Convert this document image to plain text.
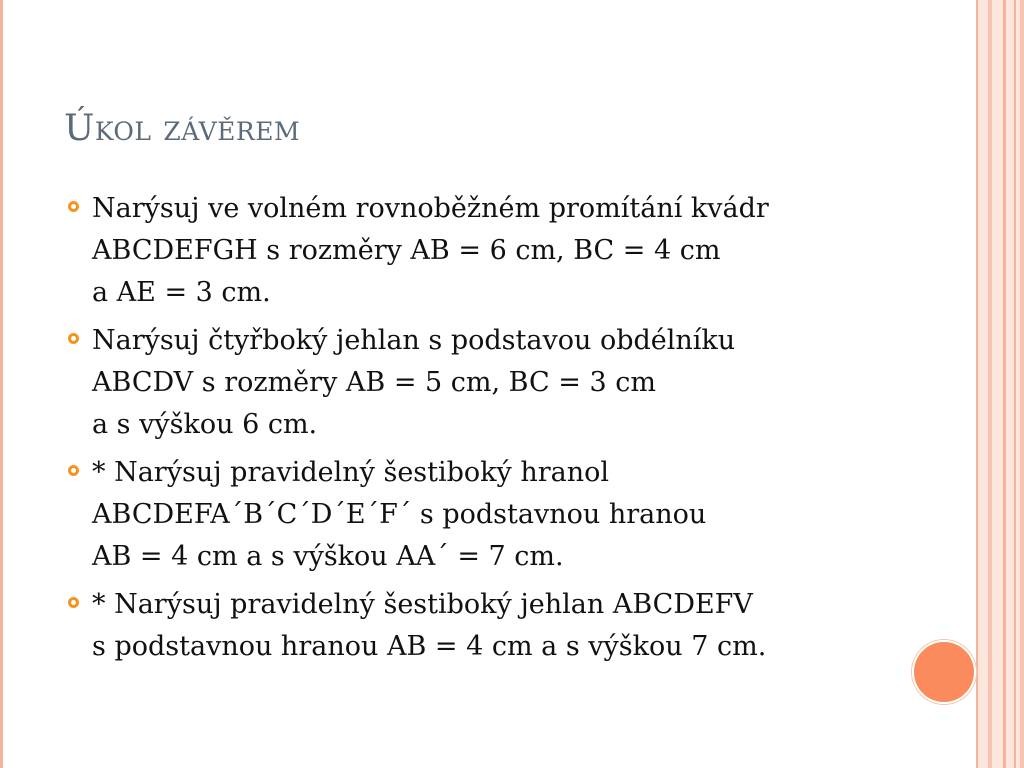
Úkol závěrem
Narýsuj ve volném rovnoběžném promítání kvádr
ABCDEFGH s rozměry AB = 6 cm, BC = 4 cm
a AE = 3 cm.
Narýsuj čtyřboký jehlan s podstavou obdélníku
ABCDV s rozměry AB = 5 cm, BC = 3 cm
a s výškou 6 cm.
* Narýsuj pravidelný šestiboký hranol
ABCDEFA´B´C´D´E´F´ s podstavnou hranou
AB = 4 cm a s výškou AA´ = 7 cm.
* Narýsuj pravidelný šestiboký jehlan ABCDEFV
s podstavnou hranou AB = 4 cm a s výškou 7 cm.
